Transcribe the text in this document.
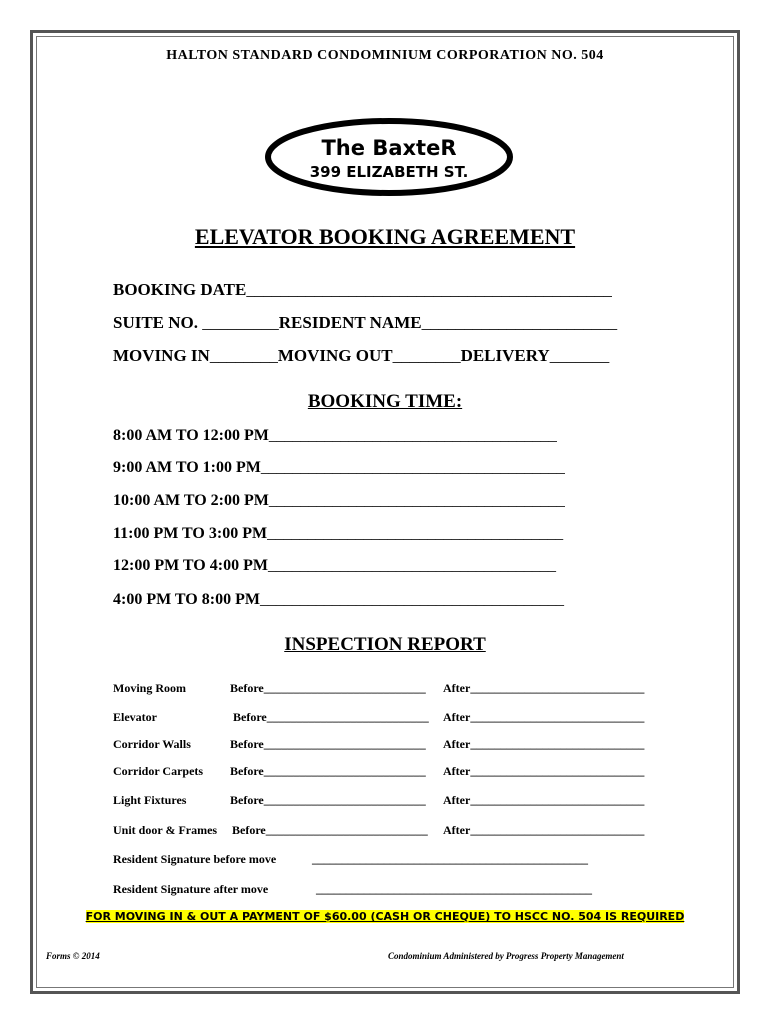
HALTON STANDARD CONDOMINIUM CORPORATION NO. 504
The BaxteR
399 ELIZABETH ST.
ELEVATOR BOOKING AGREEMENT
BOOKING DATE___________________________________________
SUITE NO. _________RESIDENT NAME_______________________
MOVING IN________MOVING OUT________DELIVERY_______
BOOKING TIME:
8:00 AM TO 12:00 PM____________________________________
9:00 AM TO 1:00 PM______________________________________
10:00 AM TO 2:00 PM_____________________________________
11:00 PM TO 3:00 PM_____________________________________
12:00 PM TO 4:00 PM____________________________________
4:00 PM TO 8:00 PM______________________________________
INSPECTION REPORT
Moving Room	Before___________________________ After_____________________________
Elevator	Before___________________________ After_____________________________
Corridor Walls	Before___________________________ After_____________________________
Corridor Carpets Before___________________________ After_____________________________
Light Fixtures	Before___________________________ After_____________________________
Unit door & Frames Before___________________________ After_____________________________
Resident Signature before move	______________________________________________
Resident Signature after move	______________________________________________
FOR MOVING IN & OUT A PAYMENT OF $60.00 (CASH OR CHEQUE) TO HSCC NO. 504 IS REQUIRED
Forms © 2014	Condominium Administered by Progress Property Management
